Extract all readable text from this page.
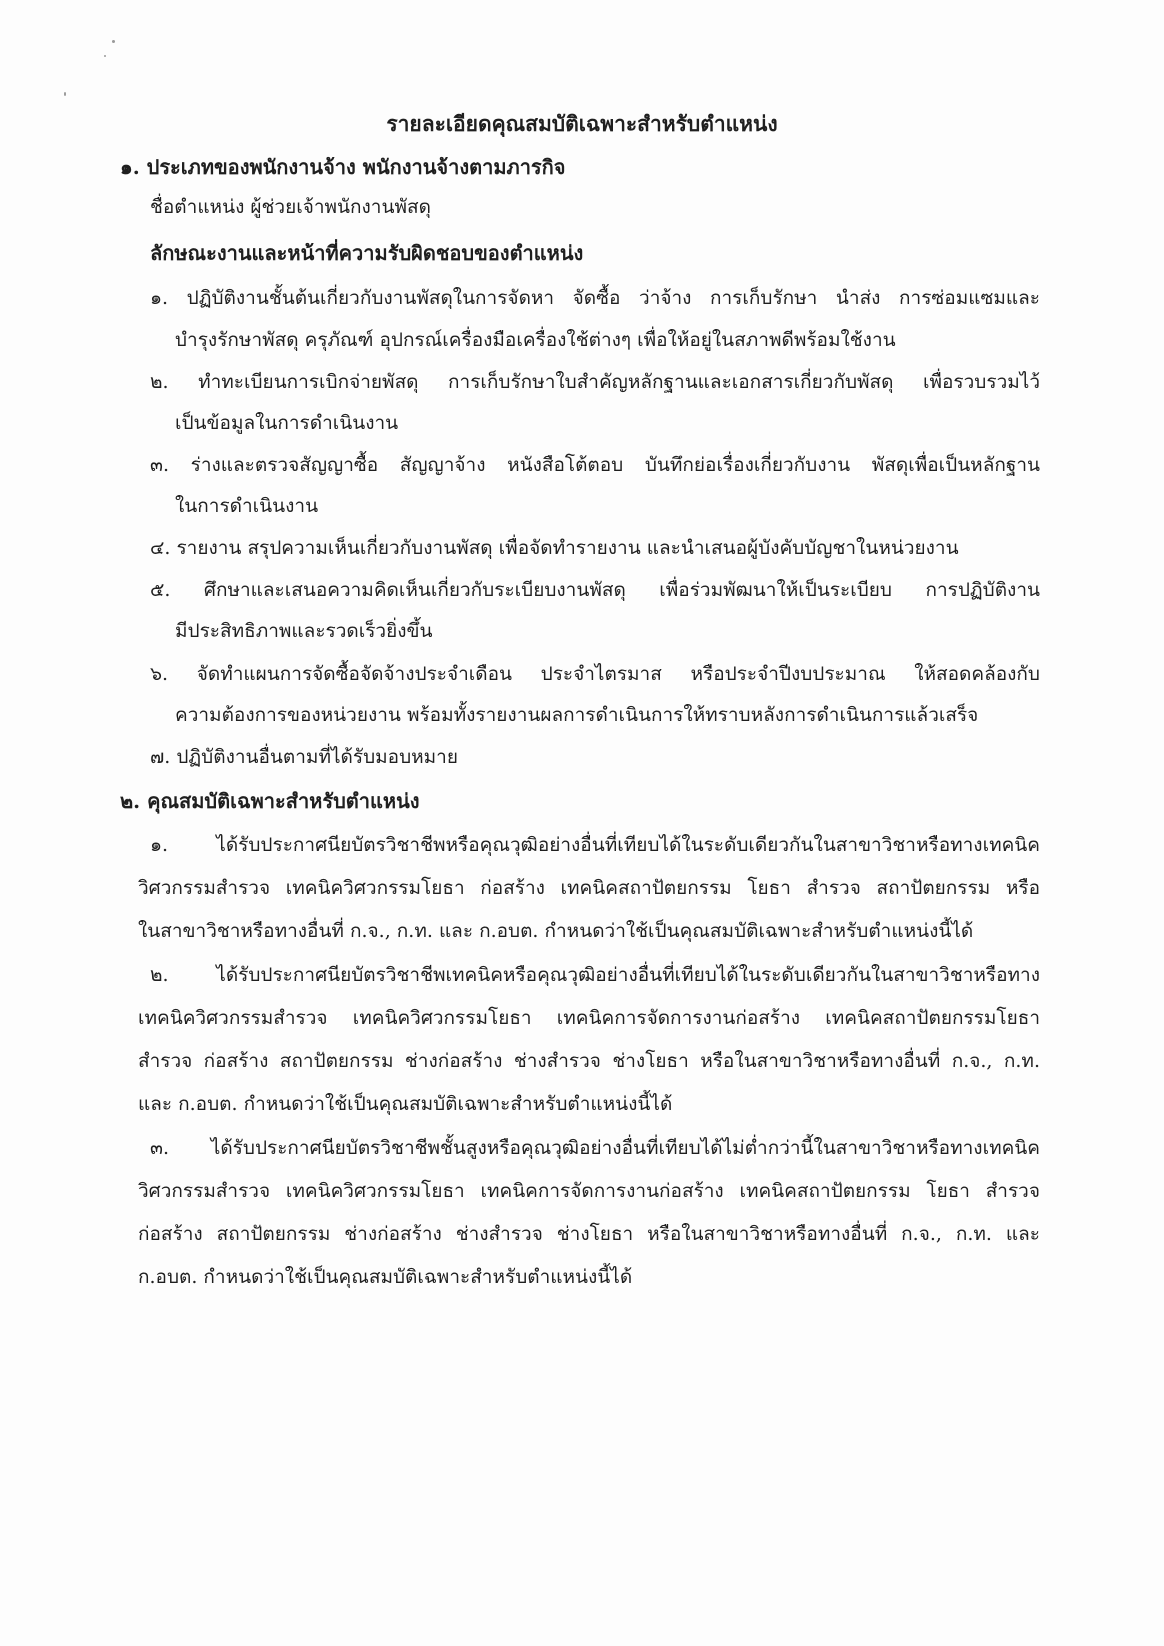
รายละเอียดคุณสมบัติเฉพาะสำหรับตำแหน่ง
๑. ประเภทของพนักงานจ้าง พนักงานจ้างตามภารกิจ
ชื่อตำแหน่ง ผู้ช่วยเจ้าพนักงานพัสดุ
ลักษณะงานและหน้าที่ความรับผิดชอบของตำแหน่ง
๑. ปฏิบัติงานชั้นต้นเกี่ยวกับงานพัสดุในการจัดหา จัดซื้อ ว่าจ้าง การเก็บรักษา นำส่ง การซ่อมแซมและ
บำรุงรักษาพัสดุ ครุภัณฑ์ อุปกรณ์เครื่องมือเครื่องใช้ต่างๆ เพื่อให้อยู่ในสภาพดีพร้อมใช้งาน
๒. ทำทะเบียนการเบิกจ่ายพัสดุ การเก็บรักษาใบสำคัญหลักฐานและเอกสารเกี่ยวกับพัสดุ เพื่อรวบรวมไว้
เป็นข้อมูลในการดำเนินงาน
๓. ร่างและตรวจสัญญาซื้อ สัญญาจ้าง หนังสือโต้ตอบ บันทึกย่อเรื่องเกี่ยวกับงาน พัสดุเพื่อเป็นหลักฐาน
ในการดำเนินงาน
๔. รายงาน สรุปความเห็นเกี่ยวกับงานพัสดุ เพื่อจัดทำรายงาน และนำเสนอผู้บังคับบัญชาในหน่วยงาน
๕. ศึกษาและเสนอความคิดเห็นเกี่ยวกับระเบียบงานพัสดุ เพื่อร่วมพัฒนาให้เป็นระเบียบ การปฏิบัติงาน
มีประสิทธิภาพและรวดเร็วยิ่งขึ้น
๖. จัดทำแผนการจัดซื้อจัดจ้างประจำเดือน ประจำไตรมาส หรือประจำปีงบประมาณ ให้สอดคล้องกับ
ความต้องการของหน่วยงาน พร้อมทั้งรายงานผลการดำเนินการให้ทราบหลังการดำเนินการแล้วเสร็จ
๗. ปฏิบัติงานอื่นตามที่ได้รับมอบหมาย
๒. คุณสมบัติเฉพาะสำหรับตำแหน่ง
๑. ได้รับประกาศนียบัตรวิชาชีพหรือคุณวุฒิอย่างอื่นที่เทียบได้ในระดับเดียวกันในสาขาวิชาหรือทางเทคนิค
วิศวกรรมสำรวจ เทคนิควิศวกรรมโยธา ก่อสร้าง เทคนิคสถาปัตยกรรม โยธา สำรวจ สถาปัตยกรรม หรือ
ในสาขาวิชาหรือทางอื่นที่ ก.จ., ก.ท. และ ก.อบต. กำหนดว่าใช้เป็นคุณสมบัติเฉพาะสำหรับตำแหน่งนี้ได้
๒. ได้รับประกาศนียบัตรวิชาชีพเทคนิคหรือคุณวุฒิอย่างอื่นที่เทียบได้ในระดับเดียวกันในสาขาวิชาหรือทาง
เทคนิควิศวกรรมสำรวจ เทคนิควิศวกรรมโยธา เทคนิคการจัดการงานก่อสร้าง เทคนิคสถาปัตยกรรมโยธา
สำรวจ ก่อสร้าง สถาปัตยกรรม ช่างก่อสร้าง ช่างสำรวจ ช่างโยธา หรือในสาขาวิชาหรือทางอื่นที่ ก.จ., ก.ท.
และ ก.อบต. กำหนดว่าใช้เป็นคุณสมบัติเฉพาะสำหรับตำแหน่งนี้ได้
๓. ได้รับประกาศนียบัตรวิชาชีพชั้นสูงหรือคุณวุฒิอย่างอื่นที่เทียบได้ไม่ต่ำกว่านี้ในสาขาวิชาหรือทางเทคนิค
วิศวกรรมสำรวจ เทคนิควิศวกรรมโยธา เทคนิคการจัดการงานก่อสร้าง เทคนิคสถาปัตยกรรม โยธา สำรวจ
ก่อสร้าง สถาปัตยกรรม ช่างก่อสร้าง ช่างสำรวจ ช่างโยธา หรือในสาขาวิชาหรือทางอื่นที่ ก.จ., ก.ท. และ
ก.อบต. กำหนดว่าใช้เป็นคุณสมบัติเฉพาะสำหรับตำแหน่งนี้ได้
